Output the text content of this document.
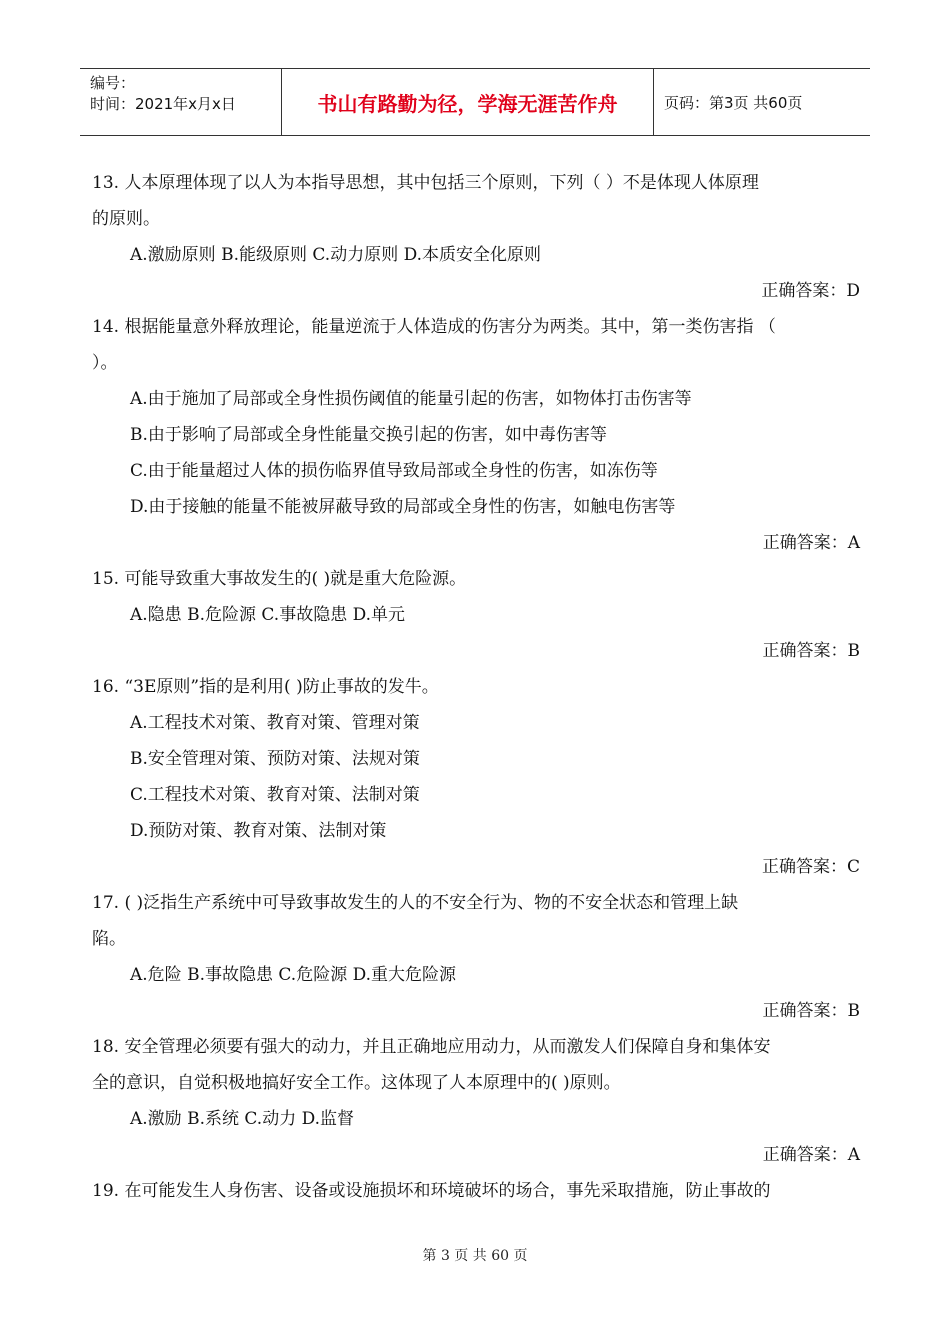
编号：
时间：2021年x月x日	书山有路勤为径，学海无涯苦作舟	页码：第3页 共60页
13. 人本原理体现了以人为本指导思想，其中包括三个原则，下列（ ）不是体现人体原理
的原则。
A.激励原则 B.能级原则 C.动力原则 D.本质安全化原则
正确答案：D
14. 根据能量意外释放理论，能量逆流于人体造成的伤害分为两类。其中，第一类伤害指 （
）。
A.由于施加了局部或全身性损伤阈值的能量引起的伤害，如物体打击伤害等
B.由于影响了局部或全身性能量交换引起的伤害，如中毒伤害等
C.由于能量超过人体的损伤临界值导致局部或全身性的伤害，如冻伤等
D.由于接触的能量不能被屏蔽导致的局部或全身性的伤害，如触电伤害等
正确答案：A
15. 可能导致重大事故发生的( )就是重大危险源。
A.隐患 B.危险源 C.事故隐患 D.单元
正确答案：B
16. “3E原则”指的是利用( )防止事故的发牛。
A.工程技术对策、教育对策、管理对策
B.安全管理对策、预防对策、法规对策
C.工程技术对策、教育对策、法制对策
D.预防对策、教育对策、法制对策
正确答案：C
17. ( )泛指生产系统中可导致事故发生的人的不安全行为、物的不安全状态和管理上缺
陷。
A.危险 B.事故隐患 C.危险源 D.重大危险源
正确答案：B
18. 安全管理必须要有强大的动力，并且正确地应用动力，从而激发人们保障自身和集体安
全的意识，自觉积极地搞好安全工作。这体现了人本原理中的( )原则。
A.激励 B.系统 C.动力 D.监督
正确答案：A
19. 在可能发生人身伤害、设备或设施损坏和环境破坏的场合，事先采取措施，防止事故的
第 3 页 共 60 页
